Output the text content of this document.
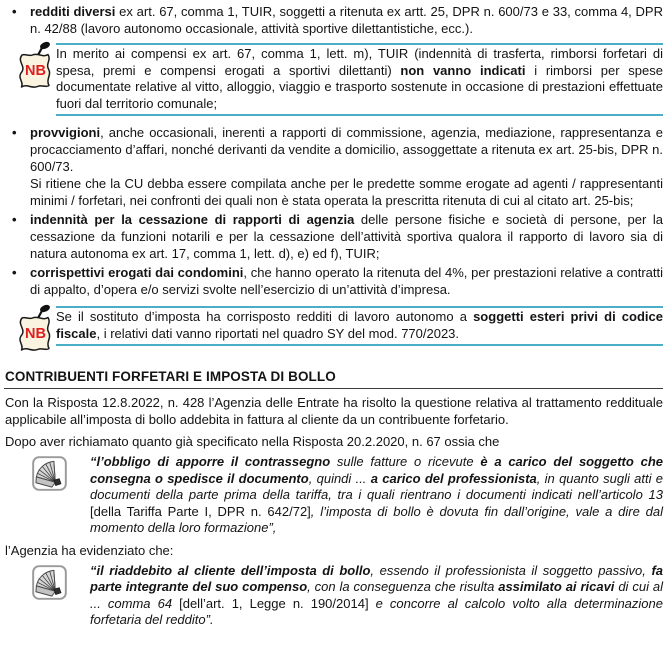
•	redditi diversi ex art. 67, comma 1, TUIR, soggetti a ritenuta ex artt. 25, DPR n. 600/73 e 33, comma 4, DPR n. 42/88 (lavoro autonomo occasionale, attività sportive dilettantistiche, ecc.).
NB
In merito ai compensi ex art. 67, comma 1, lett. m), TUIR (indennità di trasferta, rimborsi forfetari di spesa, premi e compensi erogati a sportivi dilettanti) non vanno indicati i rimborsi per spese documentate relative al vitto, alloggio, viaggio e trasporto sostenute in occasione di prestazioni effettuate fuori dal territorio comunale;
•	provvigioni, anche occasionali, inerenti a rapporti di commissione, agenzia, mediazione, rappresentanza e procacciamento d’affari, nonché derivanti da vendite a domicilio, assoggettate a ritenuta ex art. 25-bis, DPR n. 600/73.
Si ritiene che la CU debba essere compilata anche per le predette somme erogate ad agenti / rappresentanti minimi / forfetari, nei confronti dei quali non è stata operata la prescritta ritenuta di cui al citato art. 25-bis;
•	indennità per la cessazione di rapporti di agenzia delle persone fisiche e società di persone, per la cessazione da funzioni notarili e per la cessazione dell’attività sportiva qualora il rapporto di lavoro sia di natura autonoma ex art. 17, comma 1, lett. d), e) ed f), TUIR;
•	corrispettivi erogati dai condomini, che hanno operato la ritenuta del 4%, per prestazioni relative a contratti di appalto, d’opera e/o servizi svolte nell’esercizio di un’attività d’impresa.
NB
Se il sostituto d’imposta ha corrisposto redditi di lavoro autonomo a soggetti esteri privi di codice fiscale, i relativi dati vanno riportati nel quadro SY del mod. 770/2023.
CONTRIBUENTI FORFETARI E IMPOSTA DI BOLLO
Con la Risposta 12.8.2022, n. 428 l’Agenzia delle Entrate ha risolto la questione relativa al trattamento reddituale applicabile all’imposta di bollo addebita in fattura al cliente da un contribuente forfetario.
Dopo aver richiamato quanto già specificato nella Risposta 20.2.2020, n. 67 ossia che
“l’obbligo di apporre il contrassegno sulle fatture o ricevute è a carico del soggetto che consegna o spedisce il documento, quindi ... a carico del professionista, in quanto sugli atti e documenti della parte prima della tariffa, tra i quali rientrano i documenti indicati nell’articolo 13 [della Tariffa Parte I, DPR n. 642/72], l’imposta di bollo è dovuta fin dall’origine, vale a dire dal momento della loro formazione”,
l’Agenzia ha evidenziato che:
“il riaddebito al cliente dell’imposta di bollo, essendo il professionista il soggetto passivo, fa parte integrante del suo compenso, con la conseguenza che risulta assimilato ai ricavi di cui al ... comma 64 [dell’art. 1, Legge n. 190/2014] e concorre al calcolo volto alla determinazione forfetaria del reddito”.
